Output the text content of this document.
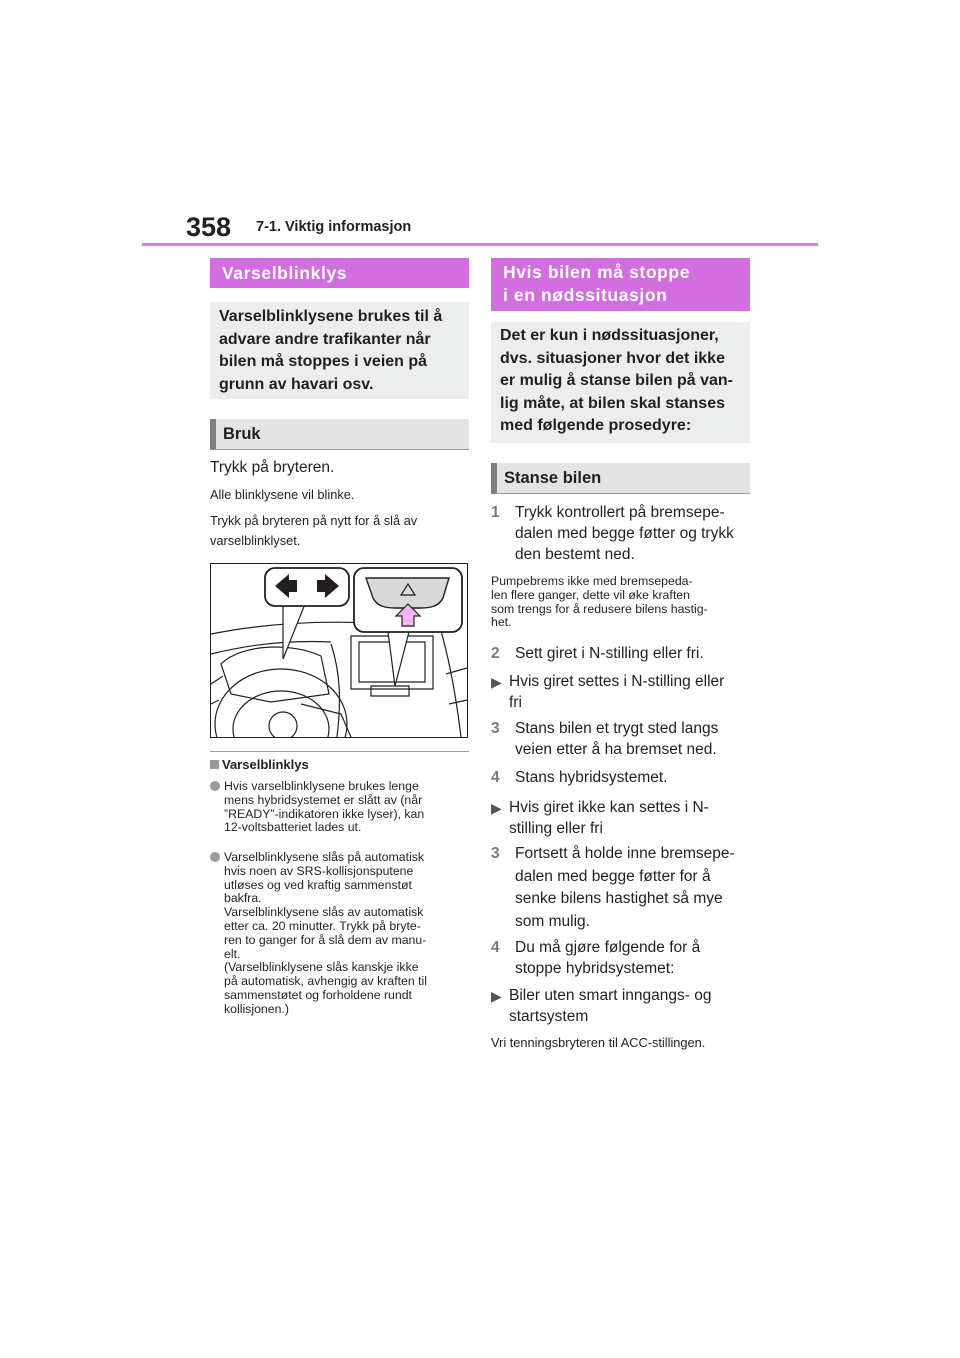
358 7-1. Viktig informasjon
Varselblinklys
Varselblinklysene brukes til å
advare andre trafikanter når
bilen må stoppes i veien på
grunn av havari osv.
Bruk
Trykk på bryteren.
Alle blinklysene vil blinke.
Trykk på bryteren på nytt for å slå av
varselblinklyset.
Varselblinklys
Hvis varselblinklysene brukes lenge
mens hybridsystemet er slått av (når
”READY”-indikatoren ikke lyser), kan
12-voltsbatteriet lades ut.
Varselblinklysene slås på automatisk
hvis noen av SRS-kollisjonsputene
utløses og ved kraftig sammenstøt
bakfra.
Varselblinklysene slås av automatisk
etter ca. 20 minutter. Trykk på bryte-
ren to ganger for å slå dem av manu-
elt.
(Varselblinklysene slås kanskje ikke
på automatisk, avhengig av kraften til
sammenstøtet og forholdene rundt
kollisjonen.)
Hvis bilen må stoppe
i en nødssituasjon
Det er kun i nødssituasjoner,
dvs. situasjoner hvor det ikke
er mulig å stanse bilen på van-
lig måte, at bilen skal stanses
med følgende prosedyre:
Stanse bilen
1 Trykk kontrollert på bremsepe-
dalen med begge føtter og trykk
den bestemt ned.
Pumpebrems ikke med bremsepeda-
len flere ganger, dette vil øke kraften
som trengs for å redusere bilens hastig-
het.
2 Sett giret i N-stilling eller fri.
▶ Hvis giret settes i N-stilling eller
fri
3 Stans bilen et trygt sted langs
veien etter å ha bremset ned.
4 Stans hybridsystemet.
▶ Hvis giret ikke kan settes i N-
stilling eller fri
3 Fortsett å holde inne bremsepe-
dalen med begge føtter for å
senke bilens hastighet så mye
som mulig.
4 Du må gjøre følgende for å
stoppe hybridsystemet:
▶ Biler uten smart inngangs- og
startsystem
Vri tenningsbryteren til ACC-stillingen.
